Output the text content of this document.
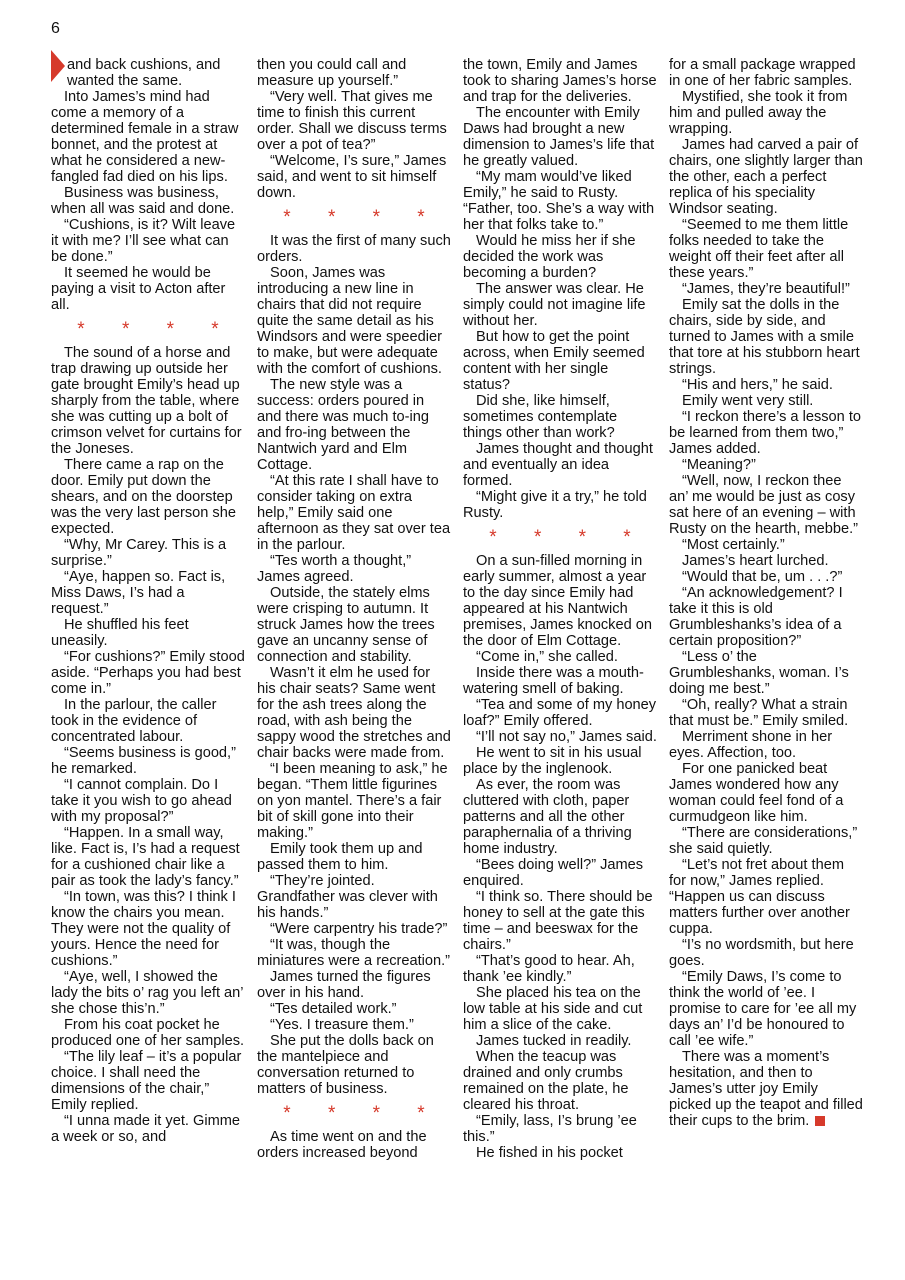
6

and back cushions, and wanted the same.

Into James’s mind had come a memory of a determined female in a straw bonnet, and the protest at what he considered a new-fangled fad died on his lips.

Business was business, when all was said and done.

“Cushions, is it? Wilt leave it with me? I’ll see what can be done.”

It seemed he would be paying a visit to Acton after all.

* * * *

The sound of a horse and trap drawing up outside her gate brought Emily’s head up sharply from the table, where she was cutting up a bolt of crimson velvet for curtains for the Joneses.

There came a rap on the door. Emily put down the shears, and on the doorstep was the very last person she expected.

“Why, Mr Carey. This is a surprise.”

“Aye, happen so. Fact is, Miss Daws, I’s had a request.”

He shuffled his feet uneasily.

“For cushions?” Emily stood aside. “Perhaps you had best come in.”

In the parlour, the caller took in the evidence of concentrated labour.

“Seems business is good,” he remarked.

“I cannot complain. Do I take it you wish to go ahead with my proposal?”

“Happen. In a small way, like. Fact is, I’s had a request for a cushioned chair like a pair as took the lady’s fancy.”

“In town, was this? I think I know the chairs you mean. They were not the quality of yours. Hence the need for cushions.”

“Aye, well, I showed the lady the bits o’ rag you left an’ she chose this’n.”

From his coat pocket he produced one of her samples.

“The lily leaf – it’s a popular choice. I shall need the dimensions of the chair,” Emily replied.

“I unna made it yet. Gimme a week or so, and

then you could call and measure up yourself.”

“Very well. That gives me time to finish this current order. Shall we discuss terms over a pot of tea?”

“Welcome, I’s sure,” James said, and went to sit himself down.

* * * *

It was the first of many such orders.

Soon, James was introducing a new line in chairs that did not require quite the same detail as his Windsors and were speedier to make, but were adequate with the comfort of cushions.

The new style was a success: orders poured in and there was much to-ing and fro-ing between the Nantwich yard and Elm Cottage.

“At this rate I shall have to consider taking on extra help,” Emily said one afternoon as they sat over tea in the parlour.

“Tes worth a thought,” James agreed.

Outside, the stately elms were crisping to autumn. It struck James how the trees gave an uncanny sense of connection and stability.

Wasn’t it elm he used for his chair seats? Same went for the ash trees along the road, with ash being the sappy wood the stretches and chair backs were made from.

“I been meaning to ask,” he began. “Them little figurines on yon mantel. There’s a fair bit of skill gone into their making.”

Emily took them up and passed them to him.

“They’re jointed. Grandfather was clever with his hands.”

“Were carpentry his trade?”

“It was, though the miniatures were a recreation.”

James turned the figures over in his hand.

“Tes detailed work.”

“Yes. I treasure them.”

She put the dolls back on the mantelpiece and conversation returned to matters of business.

* * * *

As time went on and the orders increased beyond

the town, Emily and James took to sharing James’s horse and trap for the deliveries.

The encounter with Emily Daws had brought a new dimension to James’s life that he greatly valued.

“My mam would’ve liked Emily,” he said to Rusty. “Father, too. She’s a way with her that folks take to.”

Would he miss her if she decided the work was becoming a burden?

The answer was clear. He simply could not imagine life without her.

But how to get the point across, when Emily seemed content with her single status?

Did she, like himself, sometimes contemplate things other than work?

James thought and thought and eventually an idea formed.

“Might give it a try,” he told Rusty.

* * * *

On a sun-filled morning in early summer, almost a year to the day since Emily had appeared at his Nantwich premises, James knocked on the door of Elm Cottage.

“Come in,” she called.

Inside there was a mouth-watering smell of baking.

“Tea and some of my honey loaf?” Emily offered.

“I’ll not say no,” James said.

He went to sit in his usual place by the inglenook.

As ever, the room was cluttered with cloth, paper patterns and all the other paraphernalia of a thriving home industry.

“Bees doing well?” James enquired.

“I think so. There should be honey to sell at the gate this time – and beeswax for the chairs.”

“That’s good to hear. Ah, thank ’ee kindly.”

She placed his tea on the low table at his side and cut him a slice of the cake.

James tucked in readily.

When the teacup was drained and only crumbs remained on the plate, he cleared his throat.

“Emily, lass, I’s brung ’ee this.”

He fished in his pocket

for a small package wrapped in one of her fabric samples.

Mystified, she took it from him and pulled away the wrapping.

James had carved a pair of chairs, one slightly larger than the other, each a perfect replica of his speciality Windsor seating.

“Seemed to me them little folks needed to take the weight off their feet after all these years.”

“James, they’re beautiful!”

Emily sat the dolls in the chairs, side by side, and turned to James with a smile that tore at his stubborn heart strings.

“His and hers,” he said.

Emily went very still.

“I reckon there’s a lesson to be learned from them two,” James added.

“Meaning?”

“Well, now, I reckon thee an’ me would be just as cosy sat here of an evening – with Rusty on the hearth, mebbe.”

“Most certainly.”

James’s heart lurched.

“Would that be, um . . .?”

“An acknowledgement? I take it this is old Grumbleshanks’s idea of a certain proposition?”

“Less o’ the Grumbleshanks, woman. I’s doing me best.”

“Oh, really? What a strain that must be.” Emily smiled.

Merriment shone in her eyes. Affection, too.

For one panicked beat James wondered how any woman could feel fond of a curmudgeon like him.

“There are considerations,” she said quietly.

“Let’s not fret about them for now,” James replied. “Happen us can discuss matters further over another cuppa.

“I’s no wordsmith, but here goes.

“Emily Daws, I’s come to think the world of ’ee. I promise to care for ’ee all my days an’ I’d be honoured to call ’ee wife.”

There was a moment’s hesitation, and then to James’s utter joy Emily picked up the teapot and filled their cups to the brim.
